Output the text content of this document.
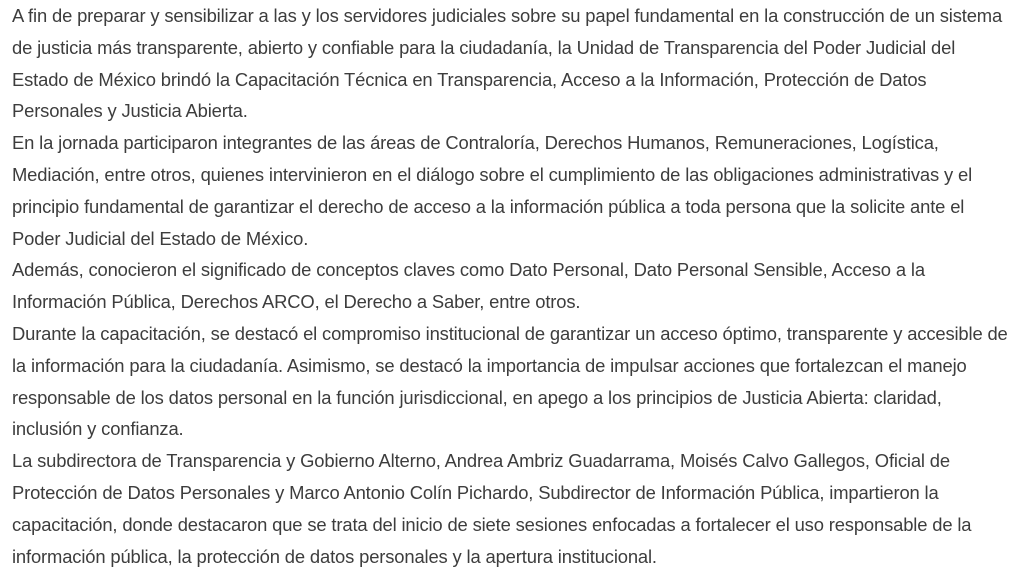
A fin de preparar y sensibilizar a las y los servidores judiciales sobre su papel fundamental en la construcción de un sistema de justicia más transparente, abierto y confiable para la ciudadanía, la Unidad de Transparencia del Poder Judicial del Estado de México brindó la Capacitación Técnica en Transparencia, Acceso a la Información, Protección de Datos Personales y Justicia Abierta.

En la jornada participaron integrantes de las áreas de Contraloría, Derechos Humanos, Remuneraciones, Logística, Mediación, entre otros, quienes intervinieron en el diálogo sobre el cumplimiento de las obligaciones administrativas y el principio fundamental de garantizar el derecho de acceso a la información pública a toda persona que la solicite ante el Poder Judicial del Estado de México.

Además, conocieron el significado de conceptos claves como Dato Personal, Dato Personal Sensible, Acceso a la Información Pública, Derechos ARCO, el Derecho a Saber, entre otros.

Durante la capacitación, se destacó el compromiso institucional de garantizar un acceso óptimo, transparente y accesible de la información para la ciudadanía. Asimismo, se destacó la importancia de impulsar acciones que fortalezcan el manejo responsable de los datos personal en la función jurisdiccional, en apego a los principios de Justicia Abierta: claridad, inclusión y confianza.

La subdirectora de Transparencia y Gobierno Alterno, Andrea Ambriz Guadarrama, Moisés Calvo Gallegos, Oficial de Protección de Datos Personales y Marco Antonio Colín Pichardo, Subdirector de Información Pública, impartieron la capacitación, donde destacaron que se trata del inicio de siete sesiones enfocadas a fortalecer el uso responsable de la información pública, la protección de datos personales y la apertura institucional.
